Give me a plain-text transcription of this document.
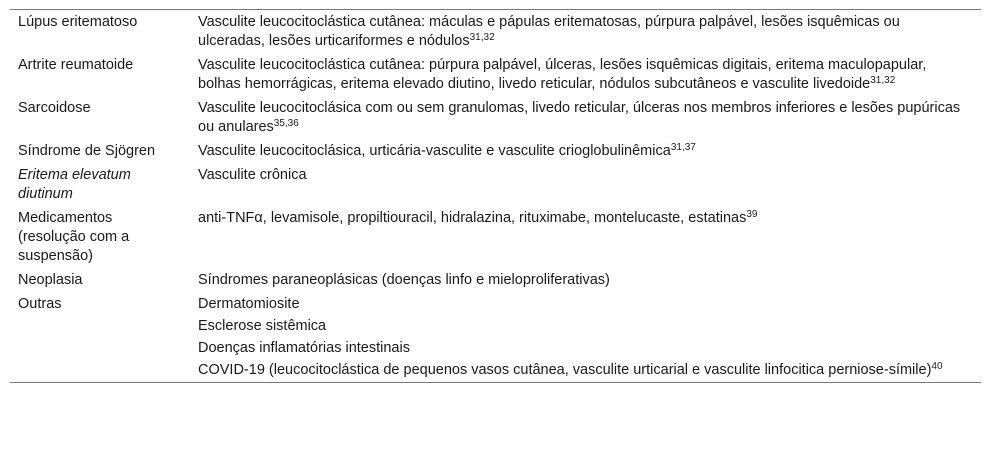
Lúpus eritematoso	Vasculite leucocitoclástica cutânea: máculas e pápulas eritematosas, púrpura palpável, lesões isquêmicas ou ulceradas, lesões urticariformes e nódulos$^{31,32}$
Artrite reumatoide	Vasculite leucocitoclástica cutânea: púrpura palpável, úlceras, lesões isquêmicas digitais, eritema maculopapular, bolhas hemorrágicas, eritema elevado diutino, livedo reticular, nódulos subcutâneos e vasculite livedoide$^{31,32}$
Sarcoidose	Vasculite leucocitoclásica com ou sem granulomas, livedo reticular, úlceras nos membros inferiores e lesões pupúricas ou anulares$^{35,36}$
Síndrome de Sjögren	Vasculite leucocitoclásica, urticária-vasculite e vasculite crioglobulinêmica$^{31,37}$
Eritema elevatum diutinum	Vasculite crônica
Medicamentos (resolução com a suspensão)	anti-TNFα, levamisole, propiltiouracil, hidralazina, rituximabe, montelucaste, estatinas$^{39}$
Neoplasia	Síndromes paraneoplásicas (doenças linfo e mieloproliferativas)
Outras	Dermatomiosite
	Esclerose sistêmica
	Doenças inflamatórias intestinais
	COVID-19 (leucocitoclástica de pequenos vasos cutânea, vasculite urticarial e vasculite linfocitica perniose-símile)$^{40}$
